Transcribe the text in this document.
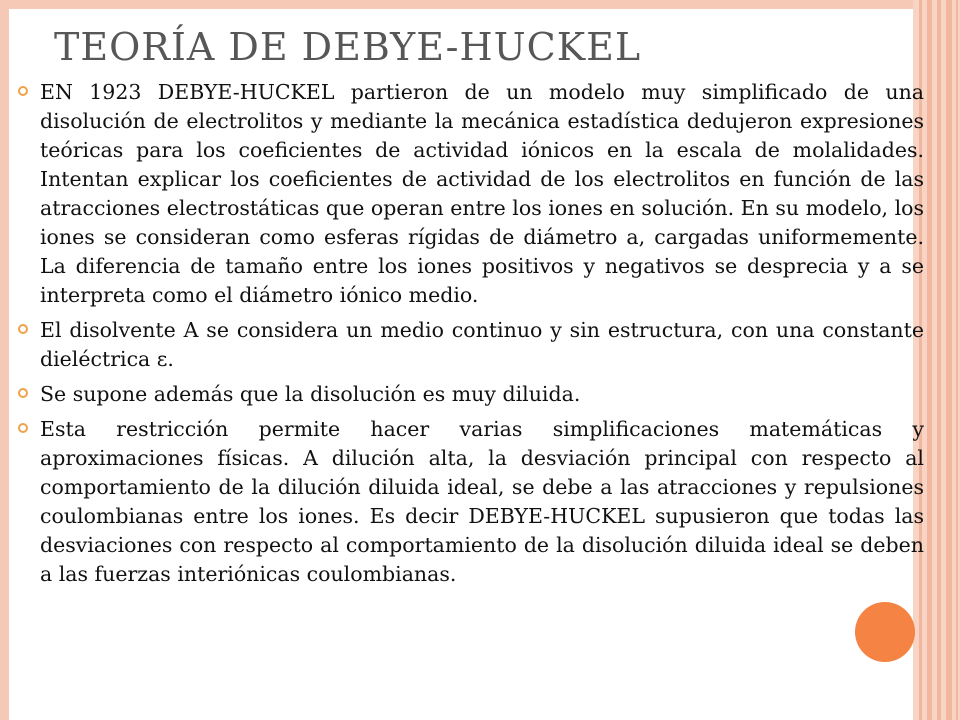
TEORÍA DE DEBYE-HUCKEL
EN 1923 DEBYE-HUCKEL partieron de un modelo muy simplificado de una disolución de electrolitos y mediante la mecánica estadística dedujeron expresiones teóricas para los coeficientes de actividad iónicos en la escala de molalidades. Intentan explicar los coeficientes de actividad de los electrolitos en función de las atracciones electrostáticas que operan entre los iones en solución. En su modelo, los iones se consideran como esferas rígidas de diámetro a, cargadas uniformemente. La diferencia de tamaño entre los iones positivos y negativos se desprecia y a se interpreta como el diámetro iónico medio.
El disolvente A se considera un medio continuo y sin estructura, con una constante dieléctrica ε.
Se supone además que la disolución es muy diluida.
Esta restricción permite hacer varias simplificaciones matemáticas y aproximaciones físicas. A dilución alta, la desviación principal con respecto al comportamiento de la dilución diluida ideal, se debe a las atracciones y repulsiones coulombianas entre los iones. Es decir DEBYE-HUCKEL supusieron que todas las desviaciones con respecto al comportamiento de la disolución diluida ideal se deben a las fuerzas interiónicas coulombianas.
